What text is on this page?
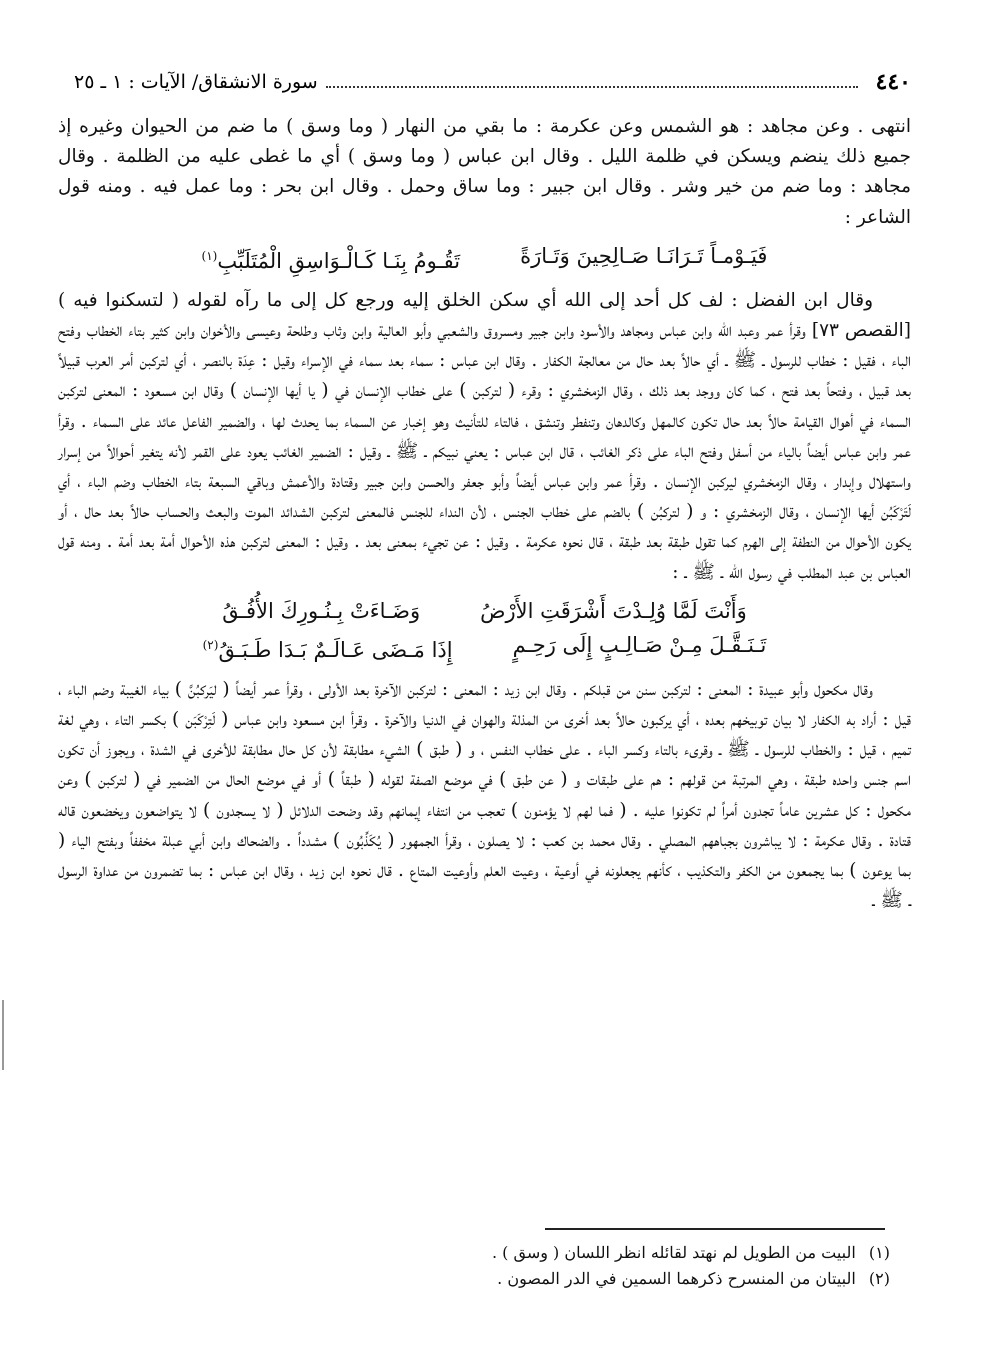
٤٤٠
سورة الانشقاق/ الآيات : ١ ـ ٢٥

انتهى . وعن مجاهد : هو الشمس وعن عكرمة : ما بقي من النهار ( وما وسق ) ما ضم من الحيوان وغيره إذ جميع ذلك ينضم ويسكن في ظلمة الليل . وقال ابن عباس ( وما وسق ) أي ما غطى عليه من الظلمة . وقال مجاهد : وما ضم من خير وشر . وقال ابن جبير : وما ساق وحمل . وقال ابن بحر : وما عمل فيه . ومنه قول الشاعر :

فَيَـوْمـاً تَـرَانَـا صَـالِحِينَ وَتَـارَةً
تَقُـومُ بِنَـا كَـالْـوَاسِقِ الْمُتَلَبِّبِ$^{(١)}$

وقال ابن الفضل : لف كل أحد إلى الله أي سكن الخلق إليه ورجع كل إلى ما رآه لقوله ( لتسكنوا فيه ) [القصص ٧٣] وقرأ عمر وعبد الله وابن عباس ومجاهد والأسود وابن جبير ومسروق والشعبي وأبو العالية وابن وثاب وطلحة وعيسى والأخوان وابن كثير بتاء الخطاب وفتح الباء ، فقيل : خطاب للرسول ـ ﷺ ـ أي حالاً بعد حال من معالجة الكفار . وقال ابن عباس : سماء بعد سماء في الإسراء وقيل : عِدَة بالنصر ، أي لتركبن أمر العرب قبيلاً بعد قبيل ، وفتحاً بعد فتح ، كما كان ووجد بعد ذلك ، وقال الزمخشري : وقرء ( لتركبن ) على خطاب الإنسان في ( يا أيها الإنسان ) وقال ابن مسعود : المعنى لتركبن السماء في أهوال القيامة حالاً بعد حال تكون كالمهل وكالدهان وتنفطر وتنشق ، فالتاء للتأنيث وهو إخبار عن السماء بما يحدث لها ، والضمير الفاعل عائد على السماء . وقرأ عمر وابن عباس أيضاً بالياء من أسفل وفتح الباء على ذكر الغائب ، قال ابن عباس : يعني نبيكم ـ ﷺ ـ وقيل : الضمير الغائب يعود على القمر لأنه يتغير أحوالاً من إسرار واستهلال وإبدار ، وقال الزمخشري ليركبن الإنسان . وقرأ عمر وابن عباس أيضاً وأبو جعفر والحسن وابن جبير وقتادة والأعمش وباقي السبعة بتاء الخطاب وضم الباء ، أي لَتَرْكَبُن أيها الإنسان ، وقال الزمخشري : و ( لتركبُن ) بالضم على خطاب الجنس ، لأن النداء للجنس فالمعنى لتركبن الشدائد الموت والبعث والحساب حالاً بعد حال ، أو يكون الأحوال من النطفة إلى الهرم كما تقول طبقة بعد طبقة ، قال نحوه عكرمة . وقيل : عن تجيء بمعنى بعد . وقيل : المعنى لتركبن هذه الأحوال أمة بعد أمة . ومنه قول العباس بن عبد المطلب في رسول الله ـ ﷺ ـ :

وَأَنْتَ لَمَّا وُلِـدْتَ أَشْرَقَتِ الأَرْضُ
وَضَـاءَتْ بِـنُـورِكَ الأُفُـقُ
تَـنَـقَّـلَ مِـنْ صَـالِـبٍ إِلَى رَحِـمٍ
إِذَا مَـضَى عَـالَـمٌ بَـدَا طَـبَـقُ$^{(٢)}$

وقال مكحول وأبو عبيدة : المعنى : لتركبن سنن من قبلكم . وقال ابن زيد : المعنى : لتركبن الآخرة بعد الأولى ، وقرأ عمر أيضاً ( ليَركبُنَّ ) بياء الغيبة وضم الباء ، قيل : أراد به الكفار لا بيان توبيخهم بعده ، أي يركبون حالاً بعد أخرى من المذلة والهوان في الدنيا والآخرة . وقرأ ابن مسعود وابن عباس ( لَتِرْكَبَن ) بكسر التاء ، وهي لغة تميم ، قيل : والخطاب للرسول ـ ﷺ ـ وقرىء بالتاء وكسر الباء . على خطاب النفس ، و ( طبق ) الشيء مطابقة لأن كل حال مطابقة للأخرى في الشدة ، ويجوز أن تكون اسم جنس واحده طبقة ، وهي المرتبة من قولهم : هم على طبقات و ( عن طبق ) في موضع الصفة لقوله ( طبقاً ) أو في موضع الحال من الضمير في ( لتركبن ) وعن مكحول : كل عشرين عاماً تجدون أمراً لم تكونوا عليه . ( فما لهم لا يؤمنون ) تعجب من انتفاء إيمانهم وقد وضحت الدلائل ( لا يسجدون ) لا يتواضعون ويخضعون قاله قتادة . وقال عكرمة : لا يباشرون بجباههم المصلي . وقال محمد بن كعب : لا يصلون ، وقرأ الجمهور ( يُكَذِّبُون ) مشدداً . والضحاك وابن أبي عبلة مخففاً وبفتح الياء ( بما يوعون ) بما يجمعون من الكفر والتكذيب ، كأنهم يجعلونه في أوعية ، وعيت العلم وأوعيت المتاع . قال نحوه ابن زيد ، وقال ابن عباس : بما تضمرون من عداوة الرسول ـ ﷺ ـ

(١) البيت من الطويل لم نهتد لقائله انظر اللسان ( وسق ) .
(٢) البيتان من المنسرح ذكرهما السمين في الدر المصون .
